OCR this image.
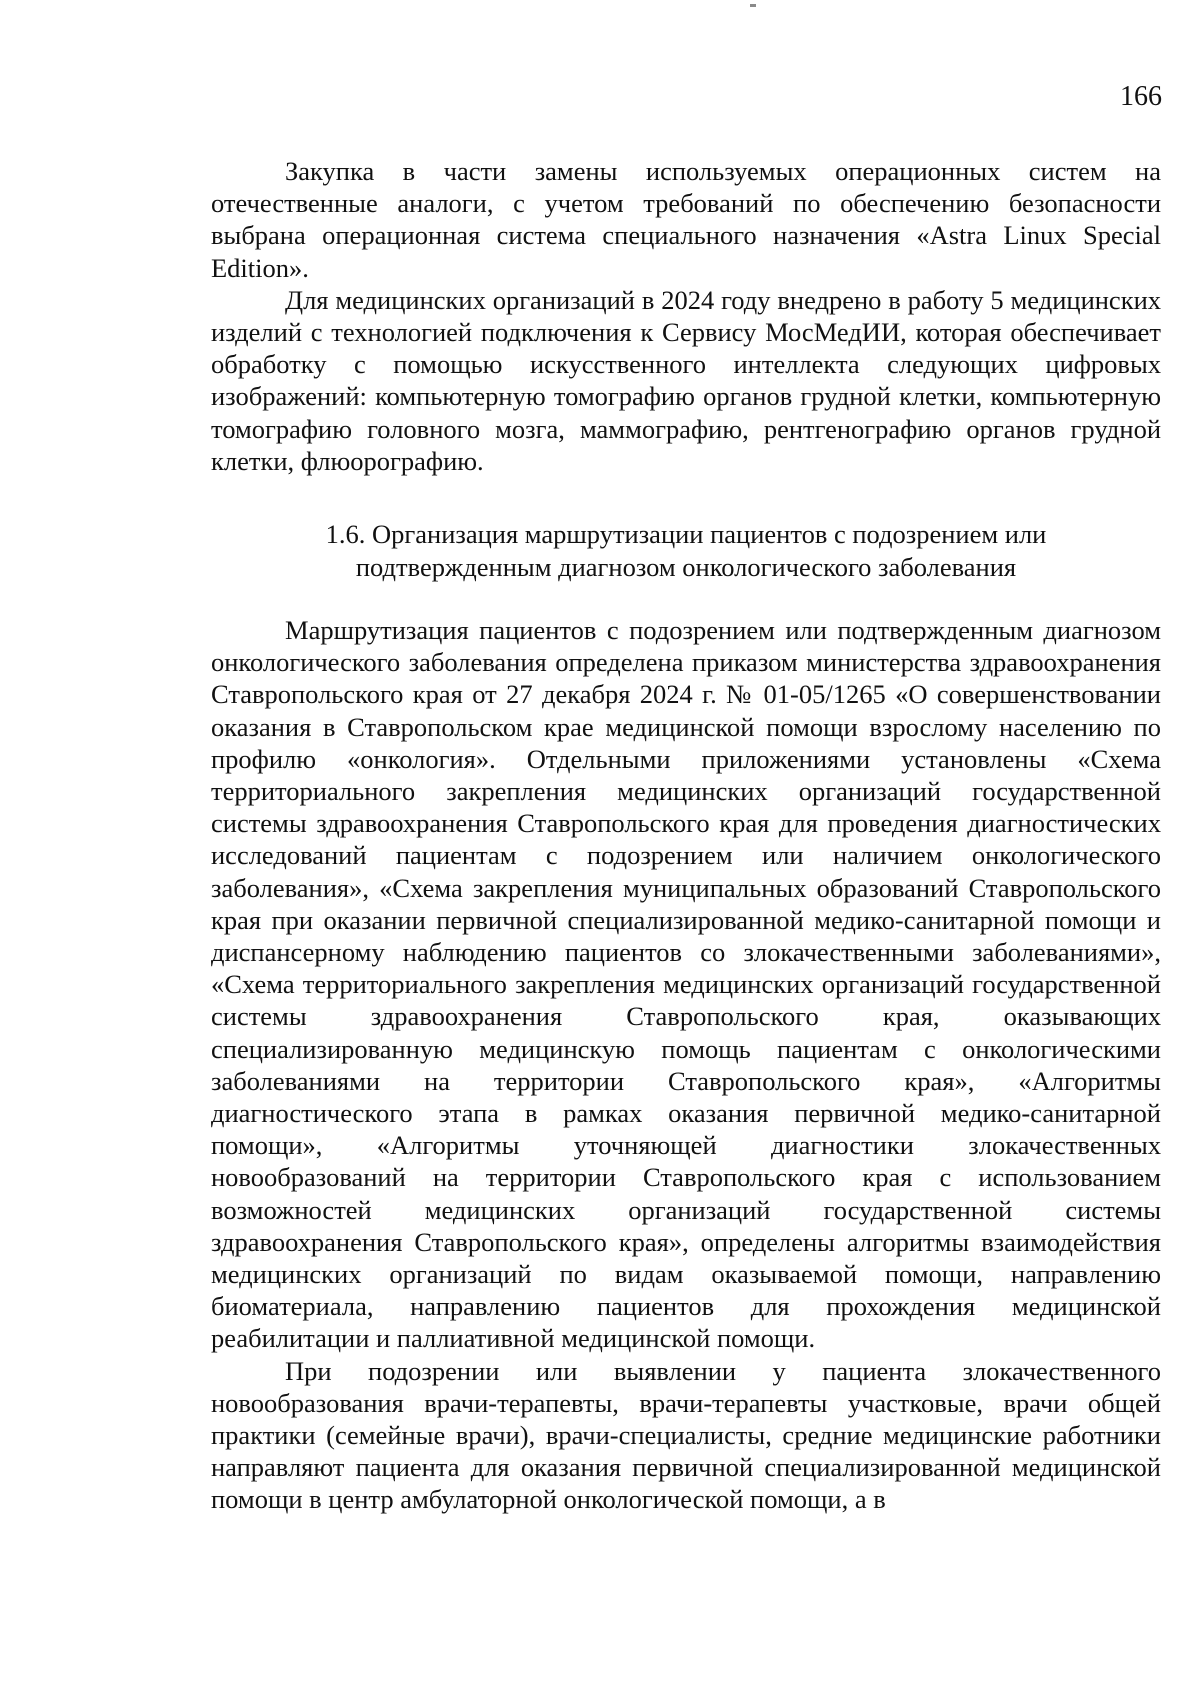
166

Закупка в части замены используемых операционных систем на отечественные аналоги, с учетом требований по обеспечению безопасности выбрана операционная система специального назначения «Astra Linux Special Edition».

Для медицинских организаций в 2024 году внедрено в работу 5 медицинских изделий с технологией подключения к Сервису МосМедИИ, которая обеспечивает обработку с помощью искусственного интеллекта следующих цифровых изображений: компьютерную томографию органов грудной клетки, компьютерную томографию головного мозга, маммографию, рентгенографию органов грудной клетки, флюорографию.

1.6. Организация маршрутизации пациентов с подозрением или
подтвержденным диагнозом онкологического заболевания

Маршрутизация пациентов с подозрением или подтвержденным диагнозом онкологического заболевания определена приказом министерства здравоохранения Ставропольского края от 27 декабря 2024 г. № 01-05/1265 «О совершенствовании оказания в Ставропольском крае медицинской помощи взрослому населению по профилю «онкология». Отдельными приложениями установлены «Схема территориального закрепления медицинских организаций государственной системы здравоохранения Ставропольского края для проведения диагностических исследований пациентам с подозрением или наличием онкологического заболевания», «Схема закрепления муниципальных образований Ставропольского края при оказании первичной специализированной медико-санитарной помощи и диспансерному наблюдению пациентов со злокачественными заболеваниями», «Схема территориального закрепления медицинских организаций государственной системы здравоохранения Ставропольского края, оказывающих специализированную медицинскую помощь пациентам с онкологическими заболеваниями на территории Ставропольского края», «Алгоритмы диагностического этапа в рамках оказания первичной медико-санитарной помощи», «Алгоритмы уточняющей диагностики злокачественных новообразований на территории Ставропольского края с использованием возможностей медицинских организаций государственной системы здравоохранения Ставропольского края», определены алгоритмы взаимодействия медицинских организаций по видам оказываемой помощи, направлению биоматериала, направлению пациентов для прохождения медицинской реабилитации и паллиативной медицинской помощи.

При подозрении или выявлении у пациента злокачественного новообразования врачи-терапевты, врачи-терапевты участковые, врачи общей практики (семейные врачи), врачи-специалисты, средние медицинские работники направляют пациента для оказания первичной специализированной медицинской помощи в центр амбулаторной онкологической помощи, а в
